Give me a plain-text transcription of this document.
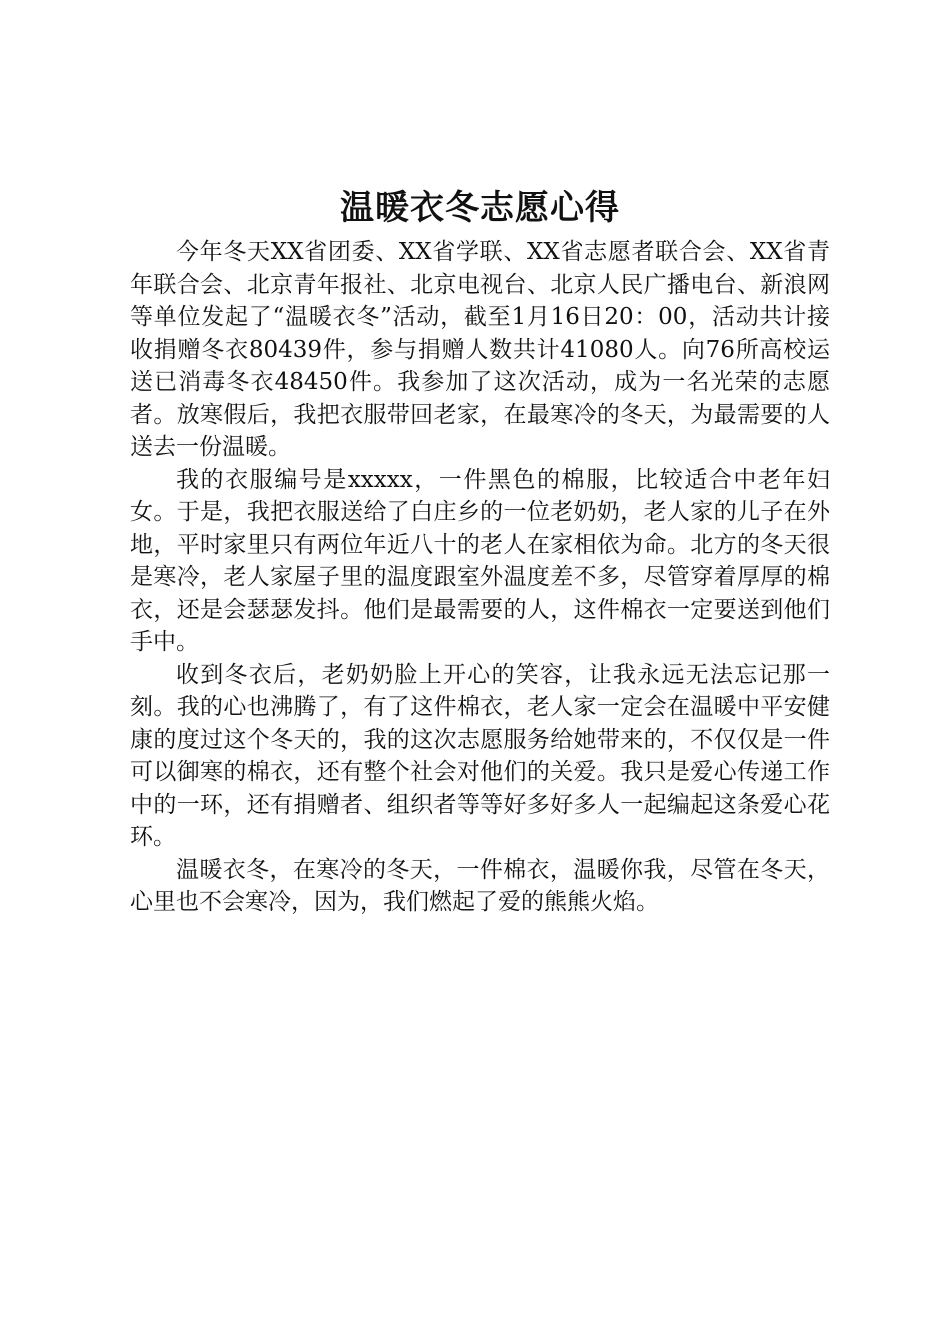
温暖衣冬志愿心得

今年冬天XX省团委、XX省学联、XX省志愿者联合会、XX省青年联合会、北京青年报社、北京电视台、北京人民广播电台、新浪网等单位发起了“温暖衣冬”活动，截至1月16日20：00，活动共计接收捐赠冬衣80439件，参与捐赠人数共计41080人。向76所高校运送已消毒冬衣48450件。我参加了这次活动，成为一名光荣的志愿者。放寒假后，我把衣服带回老家，在最寒冷的冬天，为最需要的人送去一份温暖。

我的衣服编号是xxxxx，一件黑色的棉服，比较适合中老年妇女。于是，我把衣服送给了白庄乡的一位老奶奶，老人家的儿子在外地，平时家里只有两位年近八十的老人在家相依为命。北方的冬天很是寒冷，老人家屋子里的温度跟室外温度差不多，尽管穿着厚厚的棉衣，还是会瑟瑟发抖。他们是最需要的人，这件棉衣一定要送到他们手中。

收到冬衣后，老奶奶脸上开心的笑容，让我永远无法忘记那一刻。我的心也沸腾了，有了这件棉衣，老人家一定会在温暖中平安健康的度过这个冬天的，我的这次志愿服务给她带来的，不仅仅是一件可以御寒的棉衣，还有整个社会对他们的关爱。我只是爱心传递工作中的一环，还有捐赠者、组织者等等好多好多人一起编起这条爱心花环。

温暖衣冬，在寒冷的冬天，一件棉衣，温暖你我，尽管在冬天，心里也不会寒冷，因为，我们燃起了爱的熊熊火焰。
